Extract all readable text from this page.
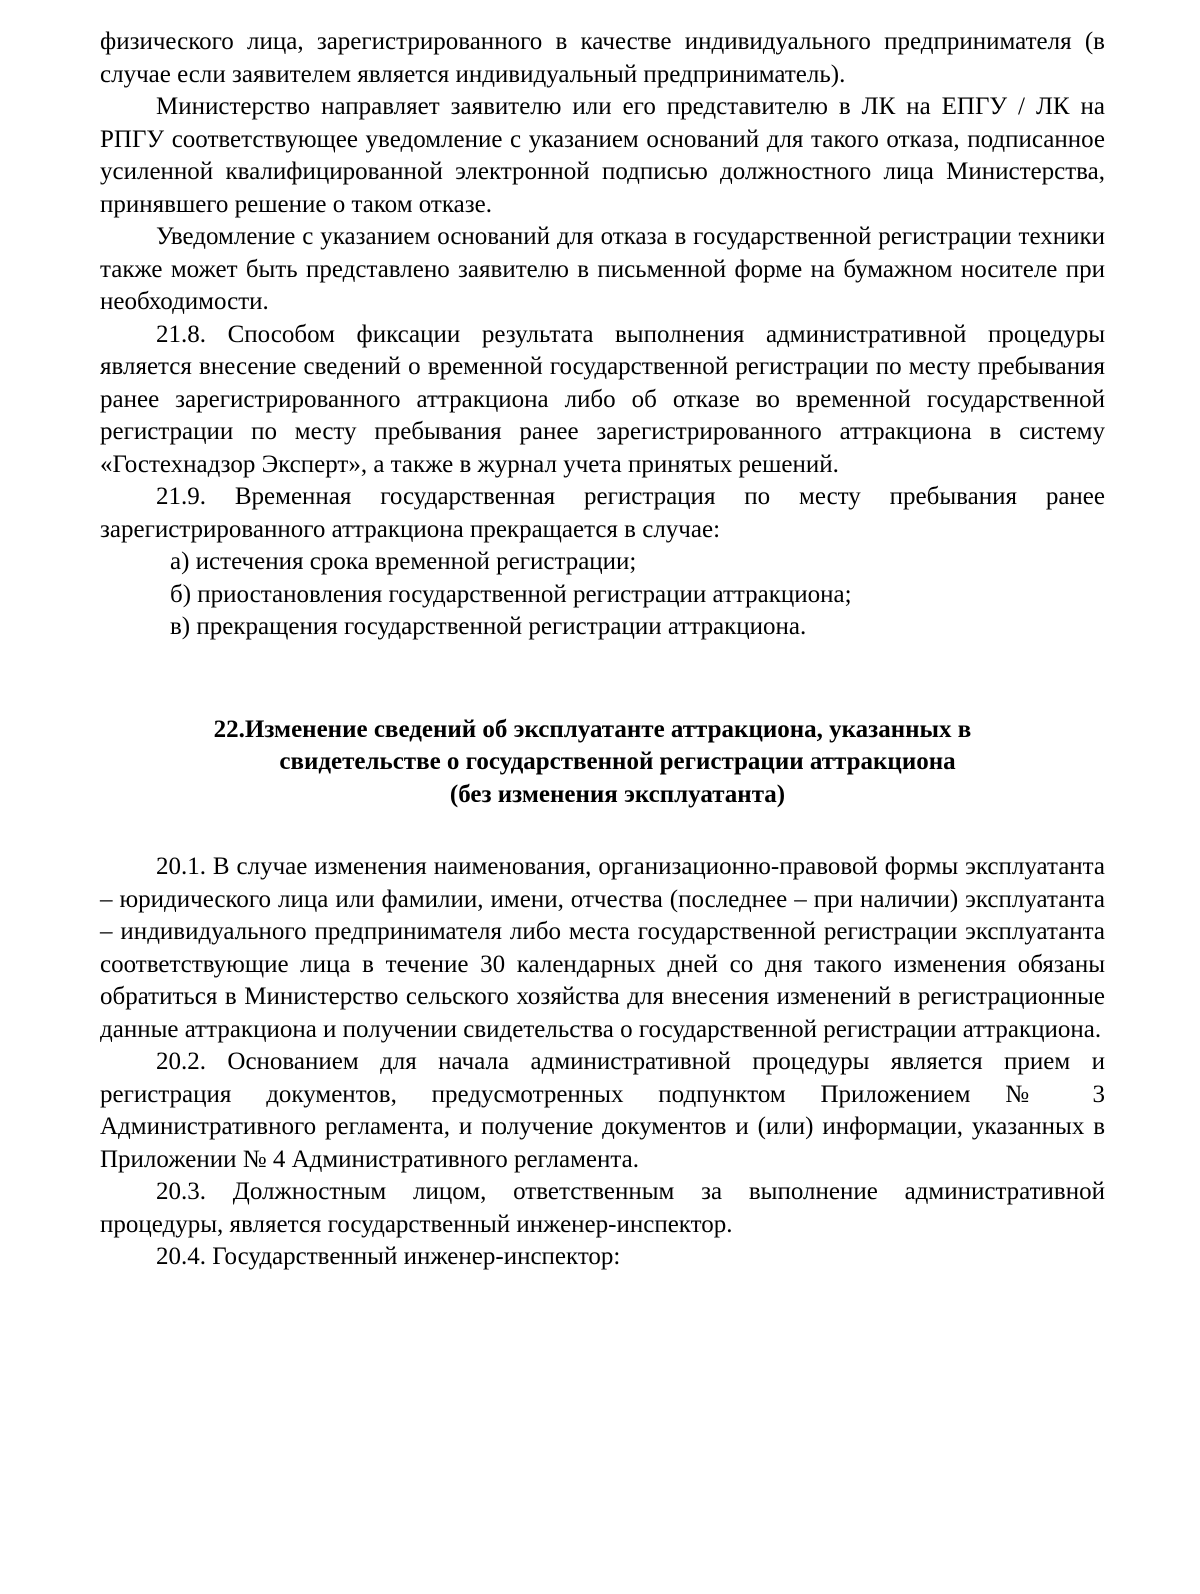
физического лица, зарегистрированного в качестве индивидуального предпринимателя (в случае если заявителем является индивидуальный предприниматель).

Министерство направляет заявителю или его представителю в ЛК на ЕПГУ / ЛК на РПГУ соответствующее уведомление с указанием оснований для такого отказа, подписанное усиленной квалифицированной электронной подписью должностного лица Министерства, принявшего решение о таком отказе.

Уведомление с указанием оснований для отказа в государственной регистрации техники также может быть представлено заявителю в письменной форме на бумажном носителе при необходимости.

21.8. Способом фиксации результата выполнения административной процедуры является внесение сведений о временной государственной регистрации по месту пребывания ранее зарегистрированного аттракциона либо об отказе во временной государственной регистрации по месту пребывания ранее зарегистрированного аттракциона в систему «Гостехнадзор Эксперт», а также в журнал учета принятых решений.

21.9. Временная государственная регистрация по месту пребывания ранее зарегистрированного аттракциона прекращается в случае:

а) истечения срока временной регистрации;

б) приостановления государственной регистрации аттракциона;

в) прекращения государственной регистрации аттракциона.

22.Изменение сведений об эксплуатанте аттракциона, указанных в
свидетельстве о государственной регистрации аттракциона
(без изменения эксплуатанта)

20.1. В случае изменения наименования, организационно-правовой формы эксплуатанта – юридического лица или фамилии, имени, отчества (последнее – при наличии) эксплуатанта – индивидуального предпринимателя либо места государственной регистрации эксплуатанта соответствующие лица в течение 30 календарных дней со дня такого изменения обязаны обратиться в Министерство сельского хозяйства для внесения изменений в регистрационные данные аттракциона и получении свидетельства о государственной регистрации аттракциона.

20.2. Основанием для начала административной процедуры является прием и регистрация документов, предусмотренных подпунктом Приложением № 3 Административного регламента, и получение документов и (или) информации, указанных в Приложении № 4 Административного регламента.

20.3. Должностным лицом, ответственным за выполнение административной процедуры, является государственный инженер-инспектор.

20.4. Государственный инженер-инспектор:
